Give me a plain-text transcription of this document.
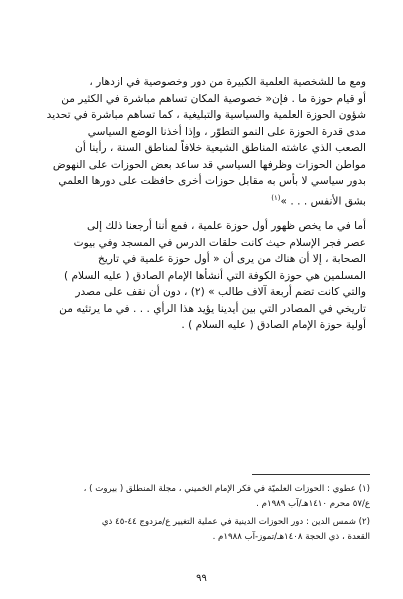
ومع ما للشخصية العلمية الكبيرة من دور وخصوصية في ازدهار ،
أو قيام حوزة ما . فإن« خصوصية المكان تساهم مباشرة في الكثير من
شؤون الحوزة العلمية والسياسية والتبليغية ، كما تساهم مباشرة في تحديد
مدى قدرة الحوزة على النمو التطوّر ، وإذا أخذنا الوضع السياسي
الصعب الذي عاشته المناطق الشيعية خلافاً لمناطق السنة ، رأينا أن
مواطن الحوزات وظرفها السياسي قد ساعد بعض الحوزات على النهوض
بدور سياسي لا بأس به مقابل حوزات أخرى حافظت على دورها العلمي
بشق الأنفس . . . »$^{(١)}$

أما في ما يخص ظهور أول حوزة علمية ، فمع أننا أرجعنا ذلك إلى
عصر فجر الإسلام حيث كانت حلقات الدرس في المسجد وفي بيوت
الصحابة ، إلا أن هناك من يرى أن « أول حوزة علمية في تاريخ
المسلمين هي حوزة الكوفة التي أنشأها الإمام الصادق ( عليه السلام )
والتي كانت تضم أربعة آلاف طالب » (٢) ، دون أن نقف على مصدر
تاريخي في المصادر التي بين أيدينا يؤيد هذا الرأي . . . في ما يرتئيه من
أولية حوزة الإمام الصادق ( عليه السلام ) .

(١) عطوي : الحوزات العلميّة في فكر الإمام الخميني ، مجلة المنطلق ( بيروت ) ،
ع/٥٧ محرم ١٤١٠هـ/آب ١٩٨٩م .
(٢) شمس الدين : دور الحوزات الدينية في عملية التغيير ع/مزدوج ٤٤-٤٥ ذي
القعدة ، ذي الحجة ١٤٠٨هـ/تموز-آب ١٩٨٨م .
٩٩
